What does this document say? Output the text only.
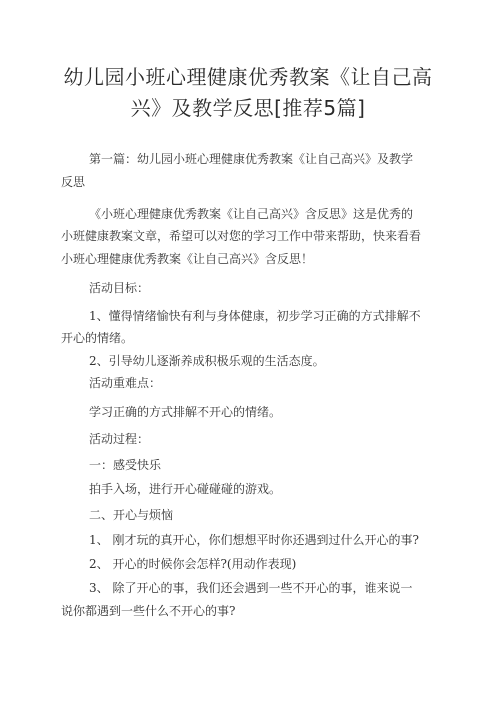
幼儿园小班心理健康优秀教案《让自己高
兴》及教学反思[推荐5篇]
第一篇：幼儿园小班心理健康优秀教案《让自己高兴》及教学
反思
《小班心理健康优秀教案《让自己高兴》含反思》这是优秀的
小班健康教案文章，希望可以对您的学习工作中带来帮助，快来看看
小班心理健康优秀教案《让自己高兴》含反思！
活动目标：
1、懂得情绪愉快有利与身体健康，初步学习正确的方式排解不
开心的情绪。
2、引导幼儿逐渐养成积极乐观的生活态度。
活动重难点：
学习正确的方式排解不开心的情绪。
活动过程：
一：感受快乐
拍手入场，进行开心碰碰碰的游戏。
二、开心与烦恼
1、 刚才玩的真开心，你们想想平时你还遇到过什么开心的事?
2、 开心的时候你会怎样?(用动作表现)
3、 除了开心的事，我们还会遇到一些不开心的事，谁来说一
说你都遇到一些什么不开心的事?
